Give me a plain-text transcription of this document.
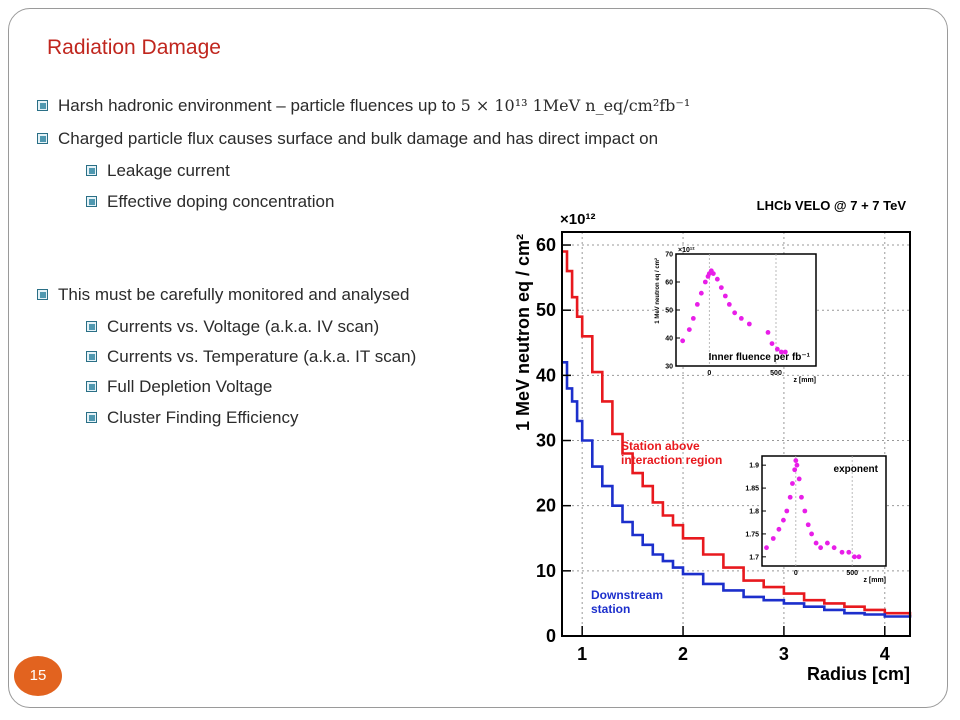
Radiation Damage
Harsh hadronic environment – particle fluences up to 5 × 10¹³ 1MeV n_eq/cm²fb⁻¹
Charged particle flux causes surface and bulk damage and has direct impact on
Leakage current
Effective doping concentration
This must be carefully monitored and analysed
Currents vs. Voltage (a.k.a. IV scan)
Currents vs. Temperature (a.k.a. IT scan)
Full Depletion Voltage
Cluster Finding Efficiency
0
10
20
30
40
50
60
1	2	3	4
×10¹²
LHCb VELO @ 7 + 7 TeV
Radius [cm]
1 MeV neutron eq / cm²
Station above interaction region
Downstream station
0	500
30
40
50
60
70
z [mm]
Inner fluence per fb⁻¹
×10¹²
1 MeV neutron eq / cm²
0	500
1.7
1.75
1.8
1.85
1.9
z [mm]
exponent
15
